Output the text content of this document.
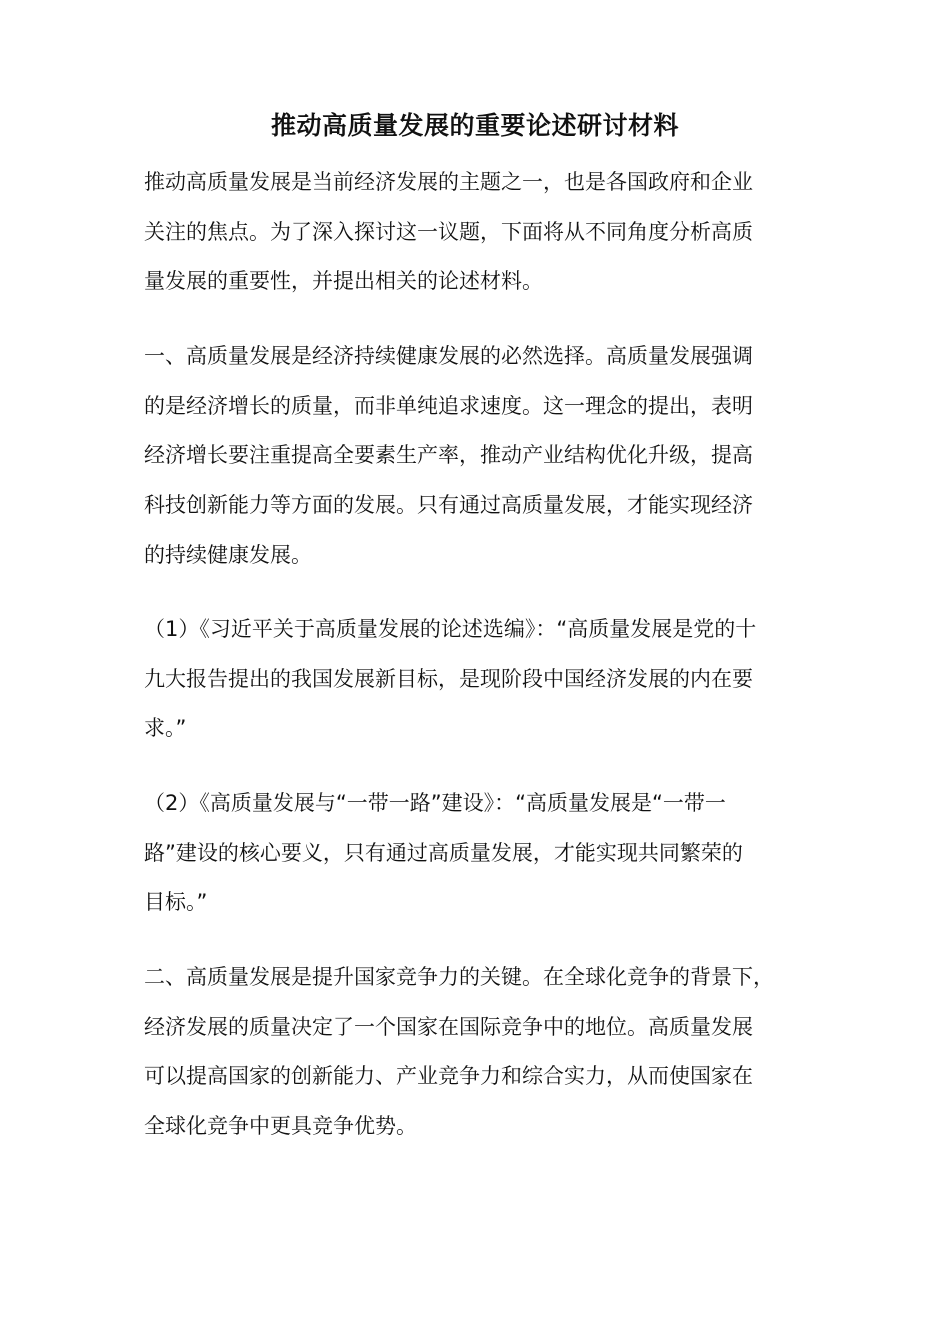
推动高质量发展的重要论述研讨材料
推动高质量发展是当前经济发展的主题之一，也是各国政府和企业
关注的焦点。为了深入探讨这一议题，下面将从不同角度分析高质
量发展的重要性，并提出相关的论述材料。
一、高质量发展是经济持续健康发展的必然选择。高质量发展强调
的是经济增长的质量，而非单纯追求速度。这一理念的提出，表明
经济增长要注重提高全要素生产率，推动产业结构优化升级，提高
科技创新能力等方面的发展。只有通过高质量发展，才能实现经济
的持续健康发展。
（1）《习近平关于高质量发展的论述选编》：“高质量发展是党的十
九大报告提出的我国发展新目标，是现阶段中国经济发展的内在要
求。”
（2）《高质量发展与“一带一路”建设》：“高质量发展是“一带一
路”建设的核心要义，只有通过高质量发展，才能实现共同繁荣的
目标。”
二、高质量发展是提升国家竞争力的关键。在全球化竞争的背景下，
经济发展的质量决定了一个国家在国际竞争中的地位。高质量发展
可以提高国家的创新能力、产业竞争力和综合实力，从而使国家在
全球化竞争中更具竞争优势。
